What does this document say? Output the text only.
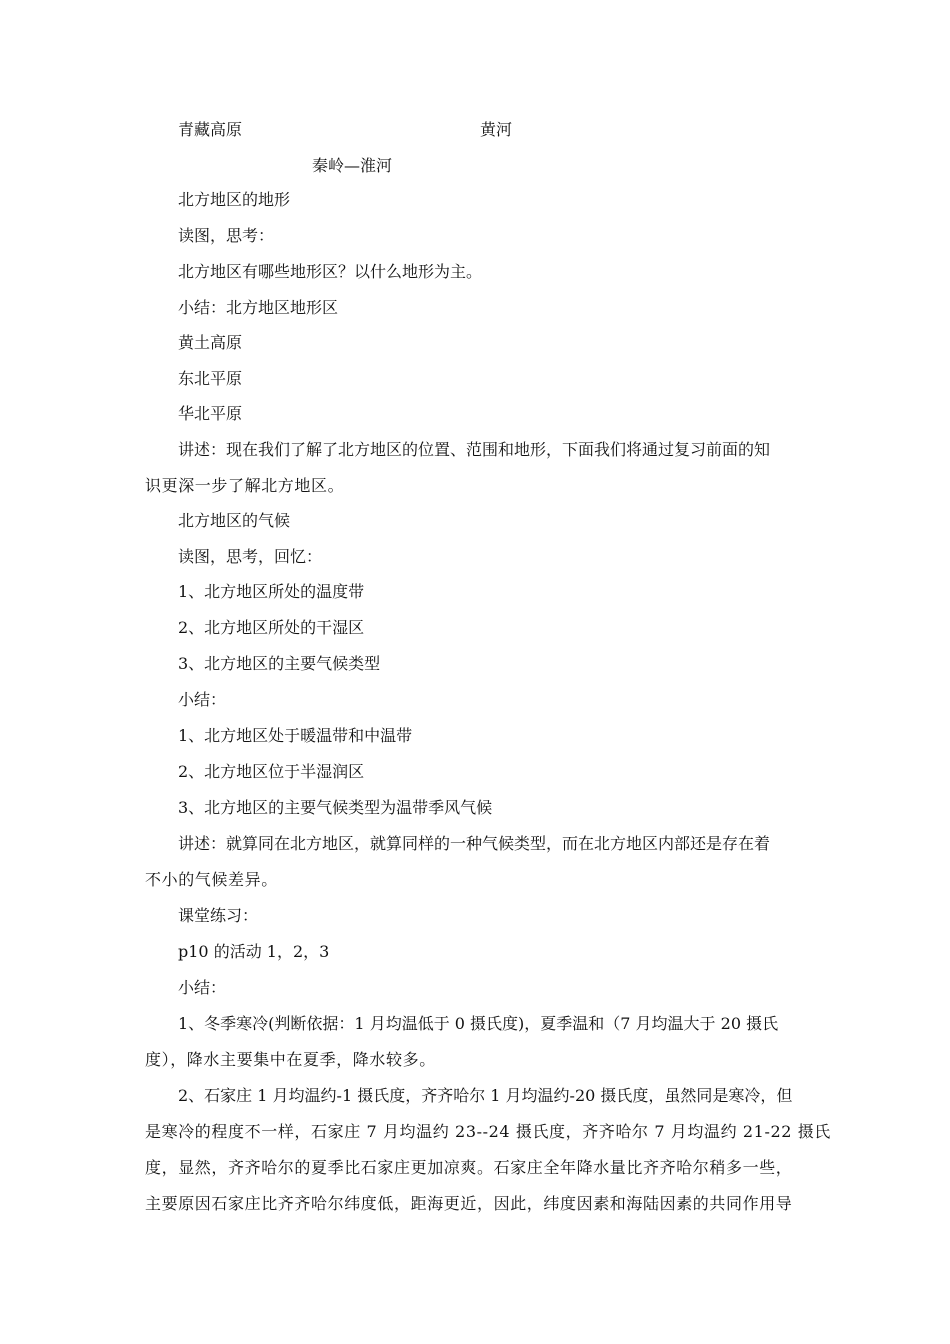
青藏高原	黄河
秦岭—淮河
北方地区的地形
读图，思考：
北方地区有哪些地形区？以什么地形为主。
小结：北方地区地形区
黄土高原
东北平原
华北平原
讲述：现在我们了解了北方地区的位置、范围和地形，下面我们将通过复习前面的知
识更深一步了解北方地区。
北方地区的气候
读图，思考，回忆：
1、北方地区所处的温度带
2、北方地区所处的干湿区
3、北方地区的主要气候类型
小结：
1、北方地区处于暖温带和中温带
2、北方地区位于半湿润区
3、北方地区的主要气候类型为温带季风气候
讲述：就算同在北方地区，就算同样的一种气候类型，而在北方地区内部还是存在着
不小的气候差异。
课堂练习：
p10 的活动 1，2，3
小结：
1、冬季寒冷(判断依据：1 月均温低于 0 摄氏度)，夏季温和（7 月均温大于 20 摄氏
度），降水主要集中在夏季，降水较多。
2、石家庄 1 月均温约-1 摄氏度，齐齐哈尔 1 月均温约-20 摄氏度，虽然同是寒冷，但
是寒冷的程度不一样，石家庄 7 月均温约 23--24 摄氏度，齐齐哈尔 7 月均温约 21-22 摄氏
度，显然，齐齐哈尔的夏季比石家庄更加凉爽。石家庄全年降水量比齐齐哈尔稍多一些，
主要原因石家庄比齐齐哈尔纬度低，距海更近，因此，纬度因素和海陆因素的共同作用导
